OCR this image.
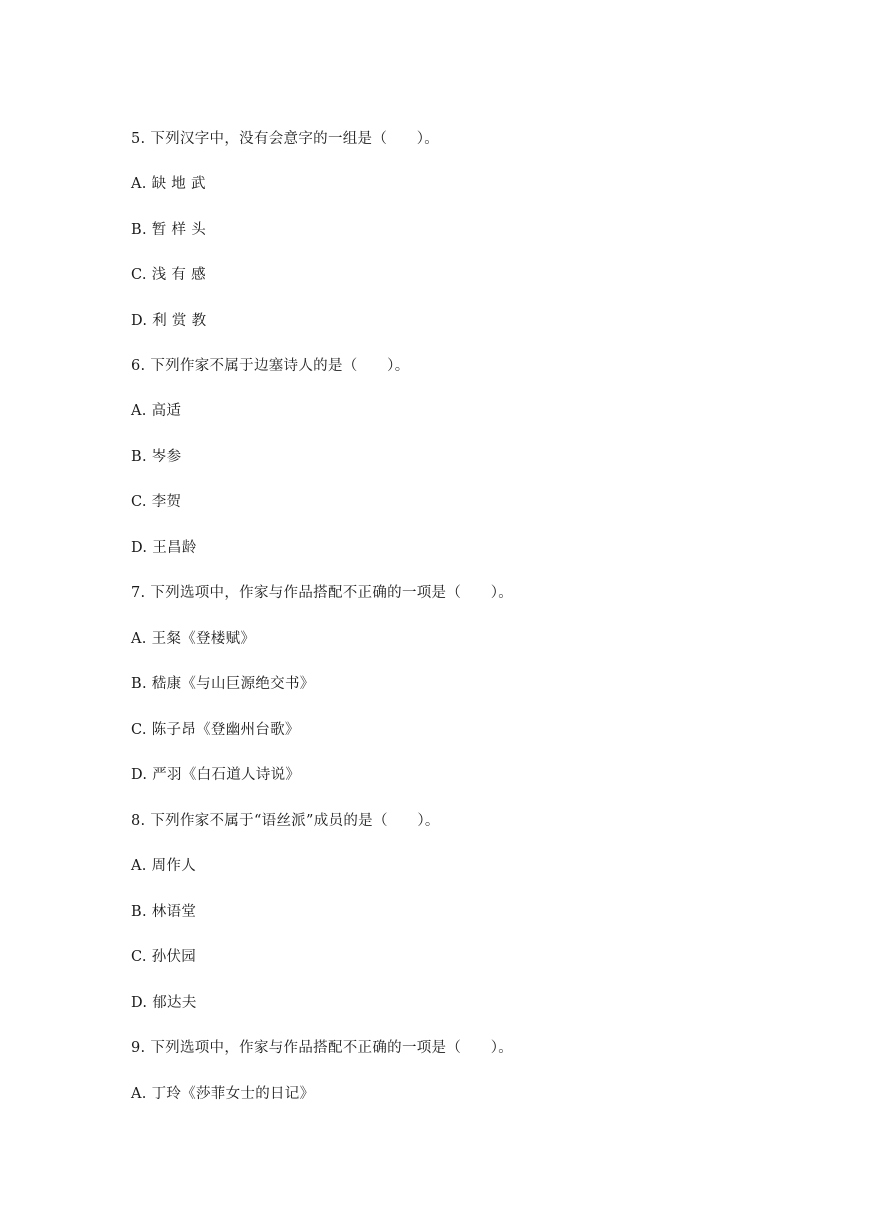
5. 下列汉字中，没有会意字的一组是（　　）。
A. 缺 地 武
B. 暂 样 头
C. 浅 有 感
D. 利 赏 教
6. 下列作家不属于边塞诗人的是（　　）。
A. 高适
B. 岑参
C. 李贺
D. 王昌龄
7. 下列选项中，作家与作品搭配不正确的一项是（　　）。
A. 王粲《登楼赋》
B. 嵇康《与山巨源绝交书》
C. 陈子昂《登幽州台歌》
D. 严羽《白石道人诗说》
8. 下列作家不属于“语丝派”成员的是（　　）。
A. 周作人
B. 林语堂
C. 孙伏园
D. 郁达夫
9. 下列选项中，作家与作品搭配不正确的一项是（　　）。
A. 丁玲《莎菲女士的日记》
